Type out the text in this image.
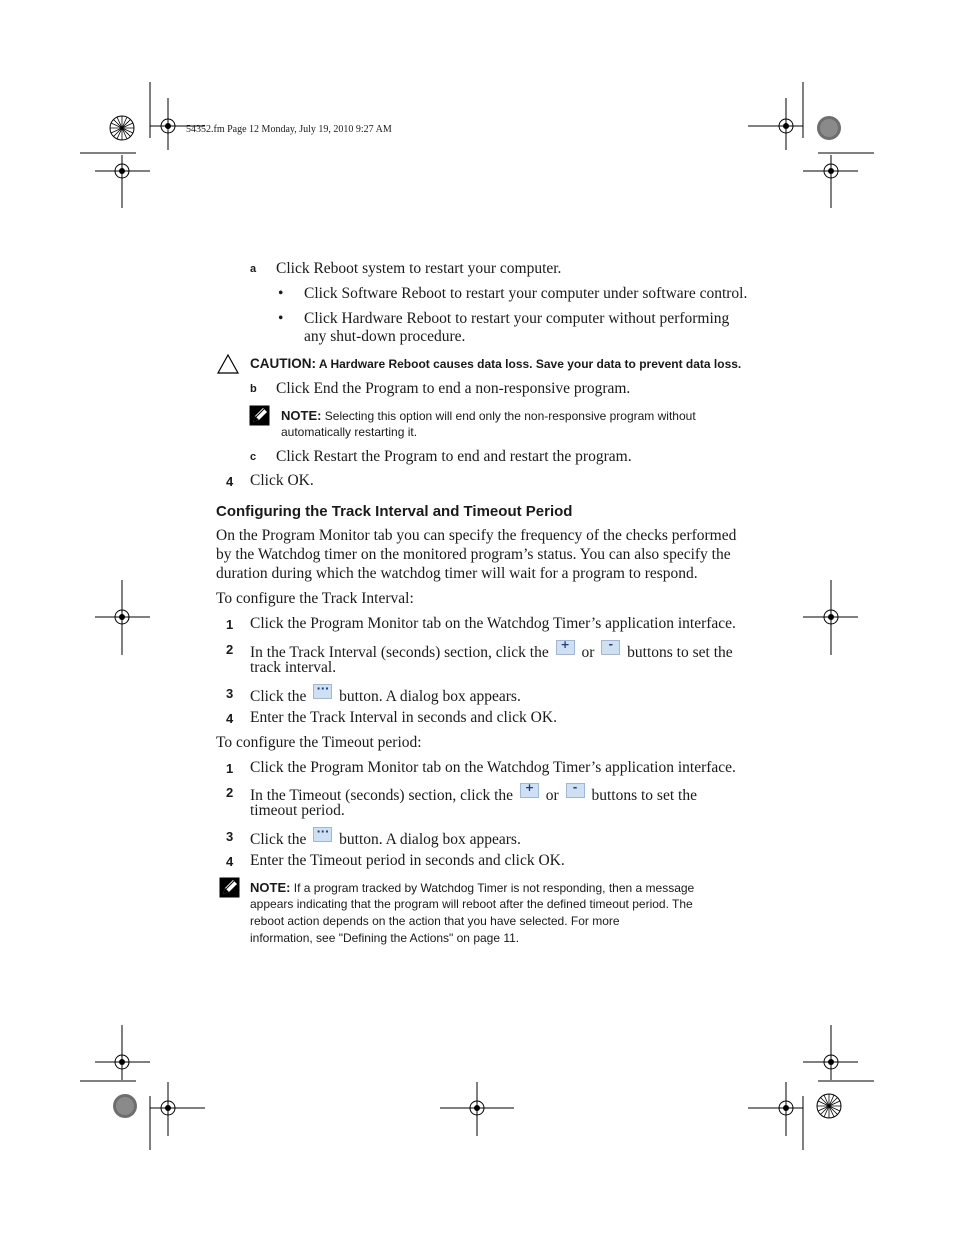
54352.fm Page 12 Monday, July 19, 2010 9:27 AM
a Click Reboot system to restart your computer.
• Click Software Reboot to restart your computer under software control.
• Click Hardware Reboot to restart your computer without performing
any shut-down procedure.
CAUTION: A Hardware Reboot causes data loss. Save your data to prevent data loss.
b Click End the Program to end a non-responsive program.
NOTE: Selecting this option will end only the non-responsive program without
automatically restarting it.
c Click Restart the Program to end and restart the program.
4 Click OK.
Configuring the Track Interval and Timeout Period
On the Program Monitor tab you can specify the frequency of the checks performed
by the Watchdog timer on the monitored program’s status. You can also specify the
duration during which the watchdog timer will wait for a program to respond.
To configure the Track Interval:
1 Click the Program Monitor tab on the Watchdog Timer’s application interface.
2 In the Track Interval (seconds) section, click the	+ or	- buttons to set the
track interval.
3 Click the ··· button. A dialog box appears.
4 Enter the Track Interval in seconds and click OK.
To configure the Timeout period:
1 Click the Program Monitor tab on the Watchdog Timer’s application interface.
2 In the Timeout (seconds) section, click the	+ or	- buttons to set the
timeout period.
3 Click the ··· button. A dialog box appears.
4 Enter the Timeout period in seconds and click OK.
NOTE: If a program tracked by Watchdog Timer is not responding, then a message
appears indicating that the program will reboot after the defined timeout period. The
reboot action depends on the action that you have selected. For more
information, see "Defining the Actions" on page 11.
